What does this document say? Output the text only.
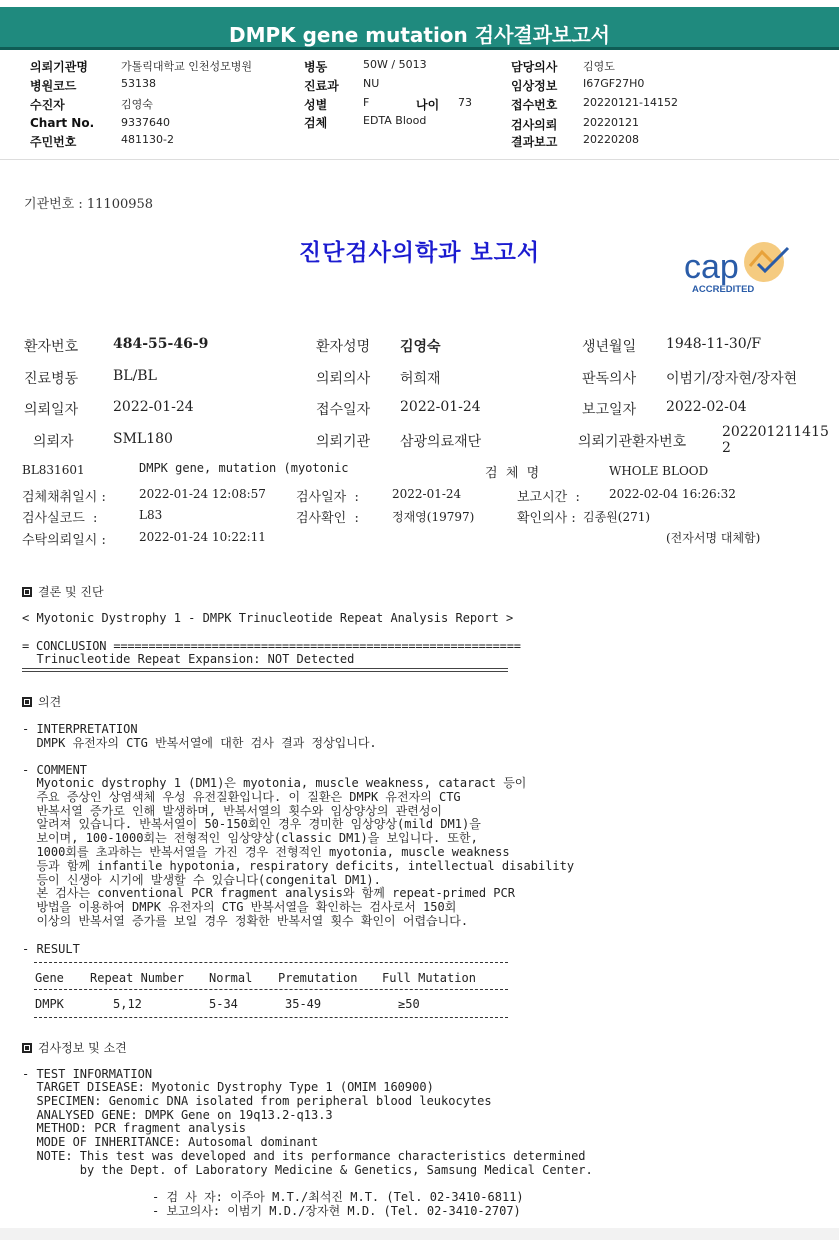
DMPK gene mutation 검사결과보고서
의뢰기관명	가톨릭대학교 인천성모병원	병동	50W / 5013	담당의사 김영도
병원코드	53138	진료과 NU	임상정보 I67GF27H0
수진자	김영숙	성별	F	나이 73	접수번호 20220121-14152
Chart No. 9337640	검체	EDTA Blood	검사의뢰 20220121
주민번호	481130-2	결과보고 20220208
기관번호 : 11100958
진단검사의학과 보고서	cap
ACCREDITED
환자번호 484-55-46-9	환자성명 김영숙	생년월일 1948-11-30/F
진료병동 BL/BL	의뢰의사 허희재	판독의사 이범기/장자현/장자현
의뢰일자 2022-01-24	접수일자 2022-01-24	보고일자 2022-02-04
의뢰자	SML180	의뢰기관 삼광의료재단	의뢰기관환자번호
202201211415
2
BL831601	DMPK gene, mutation (myotonic	검  체  명	WHOLE BLOOD
검체채취일시 :	2022-01-24 12:08:57 검사일자  :	2022-01-24	보고시간  : 2022-02-04 16:26:32
검사실코드  :	L83	검사확인  :	정재영(19797)	확인의사 : 김종원(271)
수탁의뢰일시 :	2022-01-24 10:22:11	(전자서명 대체함)
결론 및 진단
< Myotonic Dystrophy 1 - DMPK Trinucleotide Repeat Analysis Report >
= CONCLUSION ==========================================================
Trinucleotide Repeat Expansion: NOT Detected
의견
- INTERPRETATION
DMPK 유전자의 CTG 반복서열에 대한 검사 결과 정상입니다.
- COMMENT
Myotonic dystrophy 1 (DM1)은 myotonia, muscle weakness, cataract 등이
주요 증상인 상염색체 우성 유전질환입니다. 이 질환은 DMPK 유전자의 CTG
반복서열 증가로 인해 발생하며, 반복서열의 횟수와 임상양상의 관련성이
알려져 있습니다. 반복서열이 50-150회인 경우 경미한 임상양상(mild DM1)을
보이며, 100-1000회는 전형적인 임상양상(classic DM1)을 보입니다. 또한,
1000회를 초과하는 반복서열을 가진 경우 전형적인 myotonia, muscle weakness
등과 함께 infantile hypotonia, respiratory deficits, intellectual disability
등이 신생아 시기에 발생할 수 있습니다(congenital DM1).
본 검사는 conventional PCR fragment analysis와 함께 repeat-primed PCR
방법을 이용하여 DMPK 유전자의 CTG 반복서열을 확인하는 검사로서 150회
이상의 반복서열 증가를 보일 경우 정확한 반복서열 횟수 확인이 어렵습니다.
- RESULT
Gene Repeat Number Normal Premutation Full Mutation
DMPK	5,12	5-34	35-49	≥50
검사정보 및 소견
- TEST INFORMATION
TARGET DISEASE: Myotonic Dystrophy Type 1 (OMIM 160900)
SPECIMEN: Genomic DNA isolated from peripheral blood leukocytes
ANALYSED GENE: DMPK Gene on 19q13.2-q13.3
METHOD: PCR fragment analysis
MODE OF INHERITANCE: Autosomal dominant
NOTE: This test was developed and its performance characteristics determined
by the Dept. of Laboratory Medicine & Genetics, Samsung Medical Center.
- 검 사 자: 이주아 M.T./최석진 M.T. (Tel. 02-3410-6811)
- 보고의사: 이범기 M.D./장자현 M.D. (Tel. 02-3410-2707)
